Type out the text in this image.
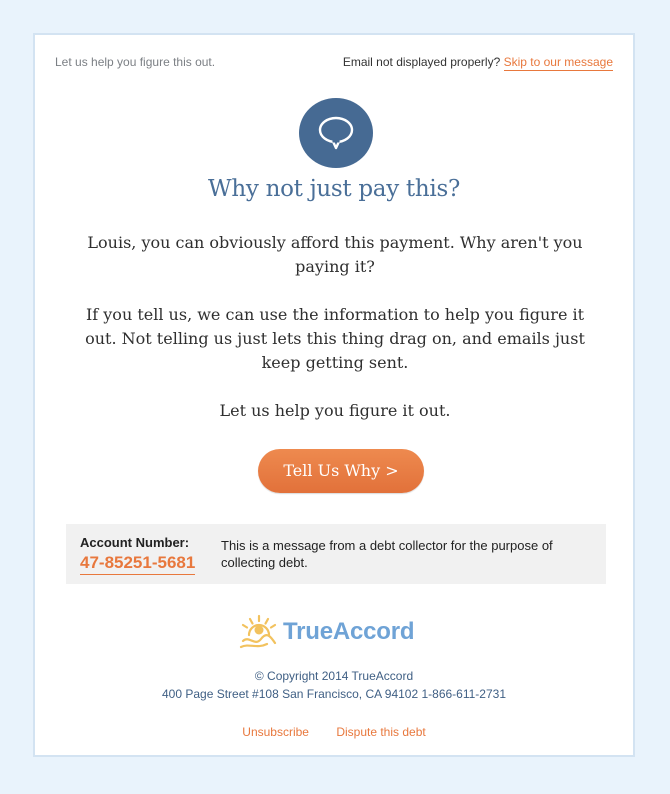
Let us help you figure this out.	Email not displayed properly? Skip to our message
Why not just pay this?
Louis, you can obviously afford this payment. Why aren't you paying it?
If you tell us, we can use the information to help you figure it out. Not telling us just lets this thing drag on, and emails just keep getting sent.
Let us help you figure it out.
Tell Us Why >
Account Number:
47-85251-5681
This is a message from a debt collector for the purpose of collecting debt.
TrueAccord
© Copyright 2014 TrueAccord
400 Page Street #108 San Francisco, CA 94102 1-866-611-2731
Unsubscribe Dispute this debt
